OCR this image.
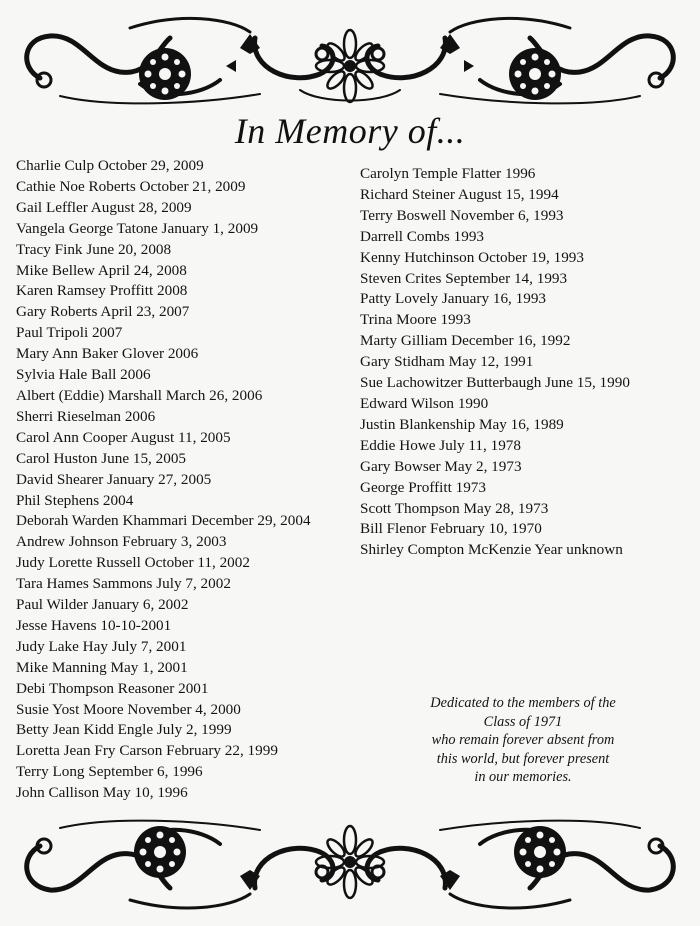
In Memory of...
Charlie Culp October 29, 2009
Cathie Noe Roberts October 21, 2009
Gail Leffler August 28, 2009
Vangela George Tatone January 1, 2009
Tracy Fink June 20, 2008
Mike Bellew April 24, 2008
Karen Ramsey Proffitt 2008
Gary Roberts April 23, 2007
Paul Tripoli 2007
Mary Ann Baker Glover 2006
Sylvia Hale Ball 2006
Albert (Eddie) Marshall March 26, 2006
Sherri Rieselman 2006
Carol Ann Cooper August 11, 2005
Carol Huston June 15, 2005
David Shearer January 27, 2005
Phil Stephens 2004
Deborah Warden Khammari December 29, 2004
Andrew Johnson February 3, 2003
Judy Lorette Russell October 11, 2002
Tara Hames Sammons July 7, 2002
Paul Wilder January 6, 2002
Jesse Havens 10-10-2001
Judy Lake Hay July 7, 2001
Mike Manning May 1, 2001
Debi Thompson Reasoner 2001
Susie Yost Moore November 4, 2000
Betty Jean Kidd Engle July 2, 1999
Loretta Jean Fry Carson February 22, 1999
Terry Long September 6, 1996
John Callison May 10, 1996
Carolyn Temple Flatter 1996
Richard Steiner August 15, 1994
Terry Boswell November 6, 1993
Darrell Combs 1993
Kenny Hutchinson October 19, 1993
Steven Crites September 14, 1993
Patty Lovely January 16, 1993
Trina Moore 1993
Marty Gilliam December 16, 1992
Gary Stidham May 12, 1991
Sue Lachowitzer Butterbaugh June 15, 1990
Edward Wilson 1990
Justin Blankenship May 16, 1989
Eddie Howe July 11, 1978
Gary Bowser May 2, 1973
George Proffitt 1973
Scott Thompson May 28, 1973
Bill Flenor February 10, 1970
Shirley Compton McKenzie Year unknown
Dedicated to the members of the
Class of 1971
who remain forever absent from
this world, but forever present
in our memories.
